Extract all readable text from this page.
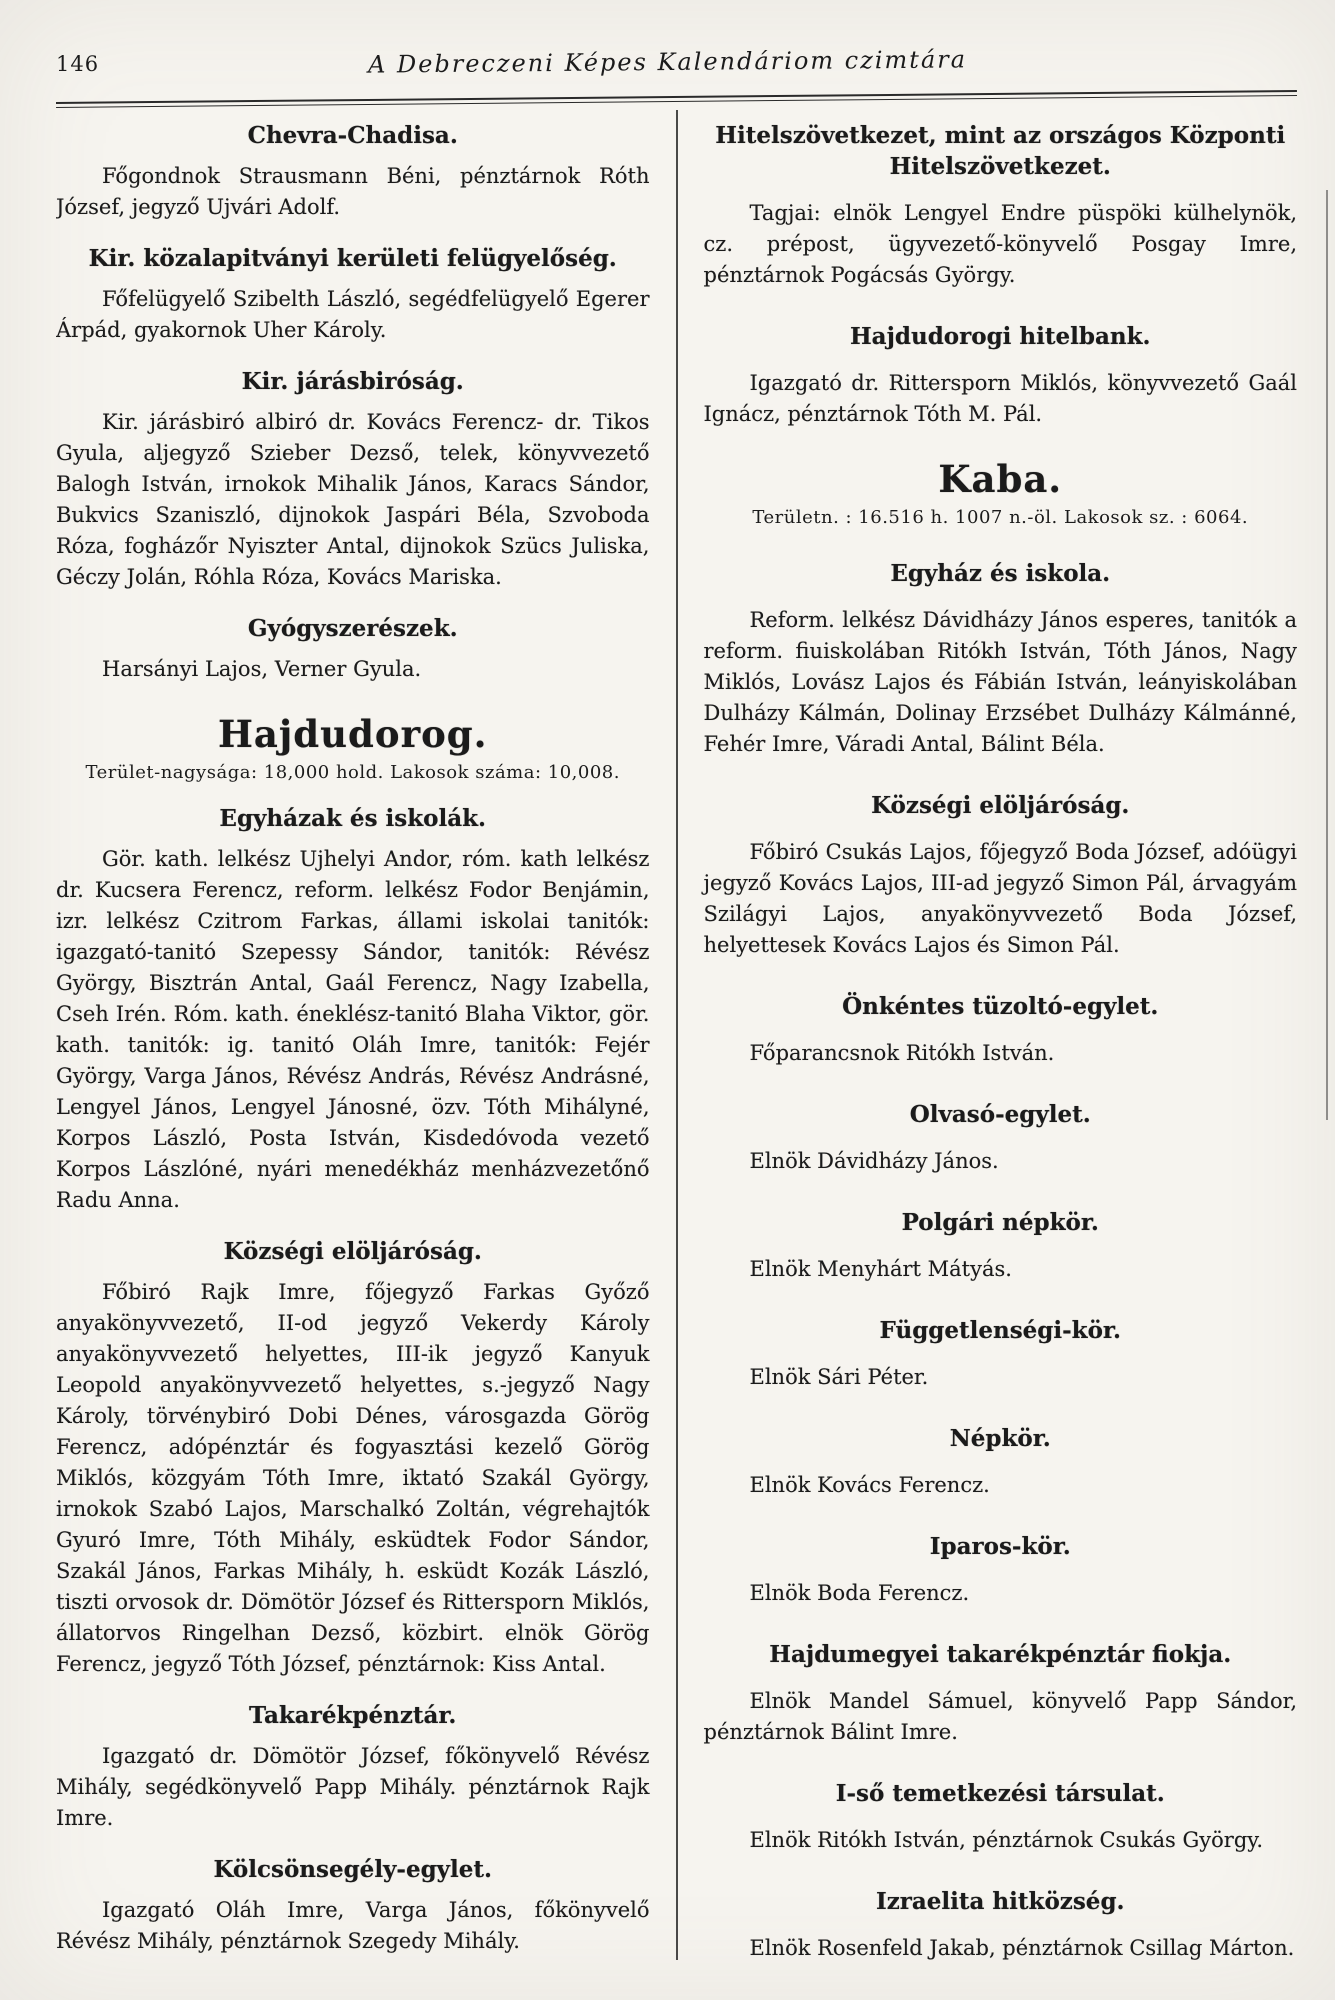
146	A Debreczeni Képes Kalendáriom czimtára
Chevra-Chadisa.

Főgondnok Strausmann Béni, pénztárnok Róth József, jegyző Ujvári Adolf.

Kir. közalapitványi kerületi felügyelőség.

Főfelügyelő Szibelth László, segédfelügyelő Egerer Árpád, gyakornok Uher Károly.

Kir. járásbiróság.

Kir. járásbiró albiró dr. Kovács Ferencz- dr. Tikos Gyula, aljegyző Szieber Dezső, telek, könyvvezető Balogh István, irnokok Mihalik János, Karacs Sándor, Bukvics Szaniszló, dijnokok Jaspári Béla, Szvoboda Róza, fogházőr Nyiszter Antal, dijnokok Szücs Juliska, Géczy Jolán, Róhla Róza, Kovács Mariska.

Gyógyszerészek.

Harsányi Lajos, Verner Gyula.

Hajdudorog.
Terület-nagysága: 18,000 hold. Lakosok száma: 10,008.
Egyházak és iskolák.

Gör. kath. lelkész Ujhelyi Andor, róm. kath lelkész dr. Kucsera Ferencz, reform. lelkész Fodor Benjámin, izr. lelkész Czitrom Farkas, állami iskolai tanitók: igazgató-tanitó Szepessy Sándor, tanitók: Révész György, Bisztrán Antal, Gaál Ferencz, Nagy Izabella, Cseh Irén. Róm. kath. éneklész-tanitó Blaha Viktor, gör. kath. tanitók: ig. tanitó Oláh Imre, tanitók: Fejér György, Varga János, Révész András, Révész Andrásné, Lengyel János, Lengyel Jánosné, özv. Tóth Mihályné, Korpos László, Posta István, Kisdedóvoda vezető Korpos Lászlóné, nyári menedékház menházvezetőnő Radu Anna.

Községi elöljáróság.

Főbiró Rajk Imre, főjegyző Farkas Győző anyakönyvvezető, II-od jegyző Vekerdy Károly anyakönyvvezető helyettes, III-ik jegyző Kanyuk Leopold anyakönyvvezető helyettes, s.-jegyző Nagy Károly, törvénybiró Dobi Dénes, városgazda Görög Ferencz, adópénztár és fogyasztási kezelő Görög Miklós, közgyám Tóth Imre, iktató Szakál György, irnokok Szabó Lajos, Marschalkó Zoltán, végrehajtók Gyuró Imre, Tóth Mihály, esküdtek Fodor Sándor, Szakál János, Farkas Mihály, h. esküdt Kozák László, tiszti orvosok dr. Dömötör József és Rittersporn Miklós, állatorvos Ringelhan Dezső, közbirt. elnök Görög Ferencz, jegyző Tóth József, pénztárnok: Kiss Antal.

Takarékpénztár.

Igazgató dr. Dömötör József, főkönyvelő Révész Mihály, segédkönyvelő Papp Mihály. pénztárnok Rajk Imre.

Kölcsönsegély-egylet.

Igazgató Oláh Imre, Varga János, főkönyvelő Révész Mihály, pénztárnok Szegedy Mihály.

Hitelszövetkezet, mint az országos Központi Hitelszövetkezet.

Tagjai: elnök Lengyel Endre püspöki külhelynök, cz. prépost, ügyvezető-könyvelő Posgay Imre, pénztárnok Pogácsás György.

Hajdudorogi hitelbank.

Igazgató dr. Rittersporn Miklós, könyvvezető Gaál Ignácz, pénztárnok Tóth M. Pál.

Kaba.
Területn. : 16.516 h. 1007 n.-öl. Lakosok sz. : 6064.
Egyház és iskola.

Reform. lelkész Dávidházy János esperes, tanitók a reform. fiuiskolában Ritókh István, Tóth János, Nagy Miklós, Lovász Lajos és Fábián István, leányiskolában Dulházy Kálmán, Dolinay Erzsébet Dulházy Kálmánné, Fehér Imre, Váradi Antal, Bálint Béla.

Községi elöljáróság.

Főbiró Csukás Lajos, főjegyző Boda József, adóügyi jegyző Kovács Lajos, III-ad jegyző Simon Pál, árvagyám Szilágyi Lajos, anyakönyvvezető Boda József, helyettesek Kovács Lajos és Simon Pál.

Önkéntes tüzoltó-egylet.

Főparancsnok Ritókh István.

Olvasó-egylet.

Elnök Dávidházy János.

Polgári népkör.

Elnök Menyhárt Mátyás.

Függetlenségi-kör.

Elnök Sári Péter.

Népkör.

Elnök Kovács Ferencz.

Iparos-kör.

Elnök Boda Ferencz.

Hajdumegyei takarékpénztár fiokja.

Elnök Mandel Sámuel, könyvelő Papp Sándor, pénztárnok Bálint Imre.

I-ső temetkezési társulat.

Elnök Ritókh István, pénztárnok Csukás György.

Izraelita hitközség.

Elnök Rosenfeld Jakab, pénztárnok Csillag Márton.
